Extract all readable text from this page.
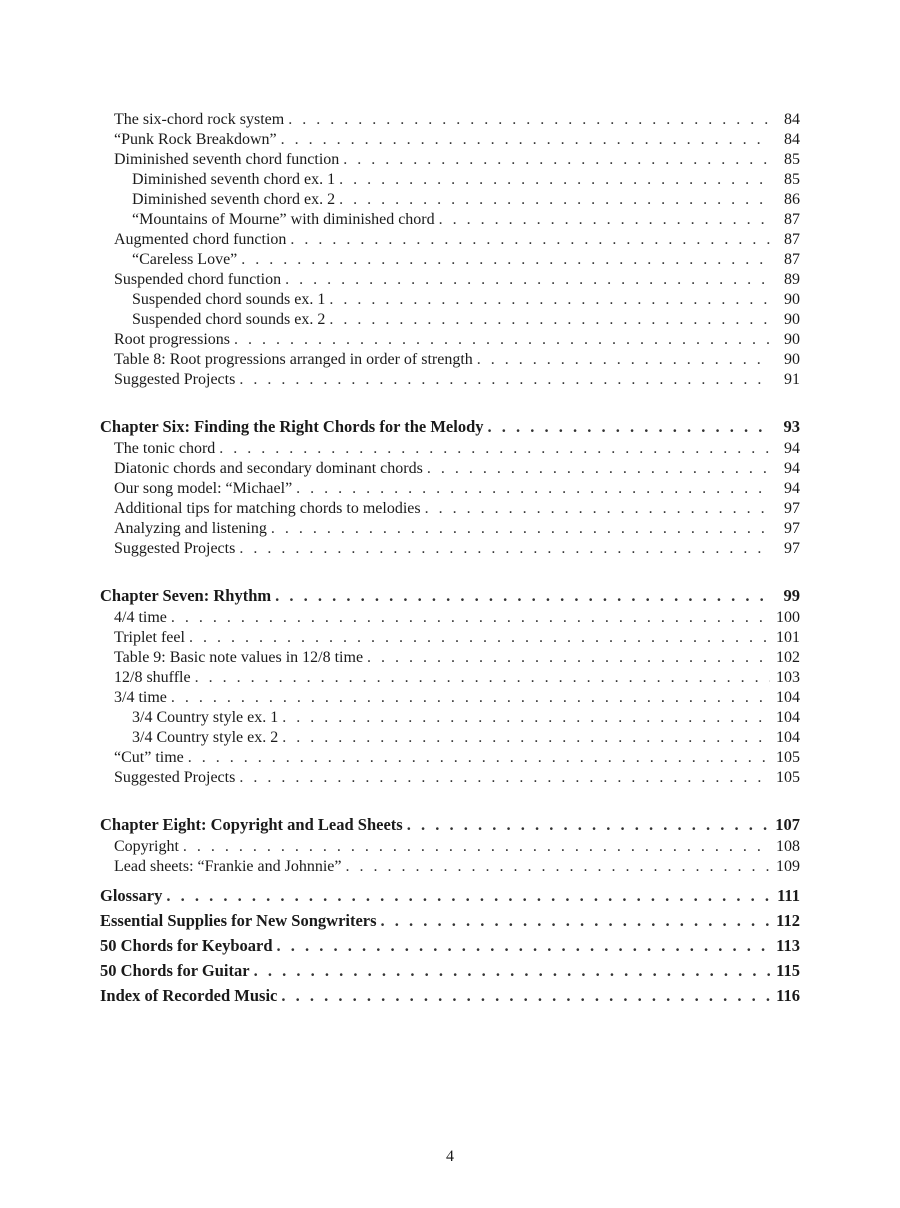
The six-chord rock system . . .	84
“Punk Rock Breakdown” . . .	84
Diminished seventh chord function . . .	85
Diminished seventh chord ex. 1 . . .	85
Diminished seventh chord ex. 2 . . .	86
“Mountains of Mourne” with diminished chord . . .	87
Augmented chord function . . .	87
“Careless Love” . . .	87
Suspended chord function . . .	89
Suspended chord sounds ex. 1 . . .	90
Suspended chord sounds ex. 2 . . .	90
Root progressions . . .	90
Table 8: Root progressions arranged in order of strength . . .	90
Suggested Projects . . .	91
Chapter Six: Finding the Right Chords for the Melody . . .	93
The tonic chord . . .	94
Diatonic chords and secondary dominant chords . . .	94
Our song model: “Michael” . . .	94
Additional tips for matching chords to melodies . . .	97
Analyzing and listening . . .	97
Suggested Projects . . .	97
Chapter Seven: Rhythm . . .	99
4/4 time . . .	100
Triplet feel . . .	101
Table 9: Basic note values in 12/8 time . . .	102
12/8 shuffle . . .	103
3/4 time . . .	104
3/4 Country style ex. 1 . . .	104
3/4 Country style ex. 2 . . .	104
“Cut” time . . .	105
Suggested Projects . . .	105
Chapter Eight: Copyright and Lead Sheets . . .	107
Copyright . . .	108
Lead sheets: “Frankie and Johnnie” . . .	109
Glossary . . .	111
Essential Supplies for New Songwriters . . .	112
50 Chords for Keyboard . . .	113
50 Chords for Guitar . . .	115
Index of Recorded Music . . .	116
4
